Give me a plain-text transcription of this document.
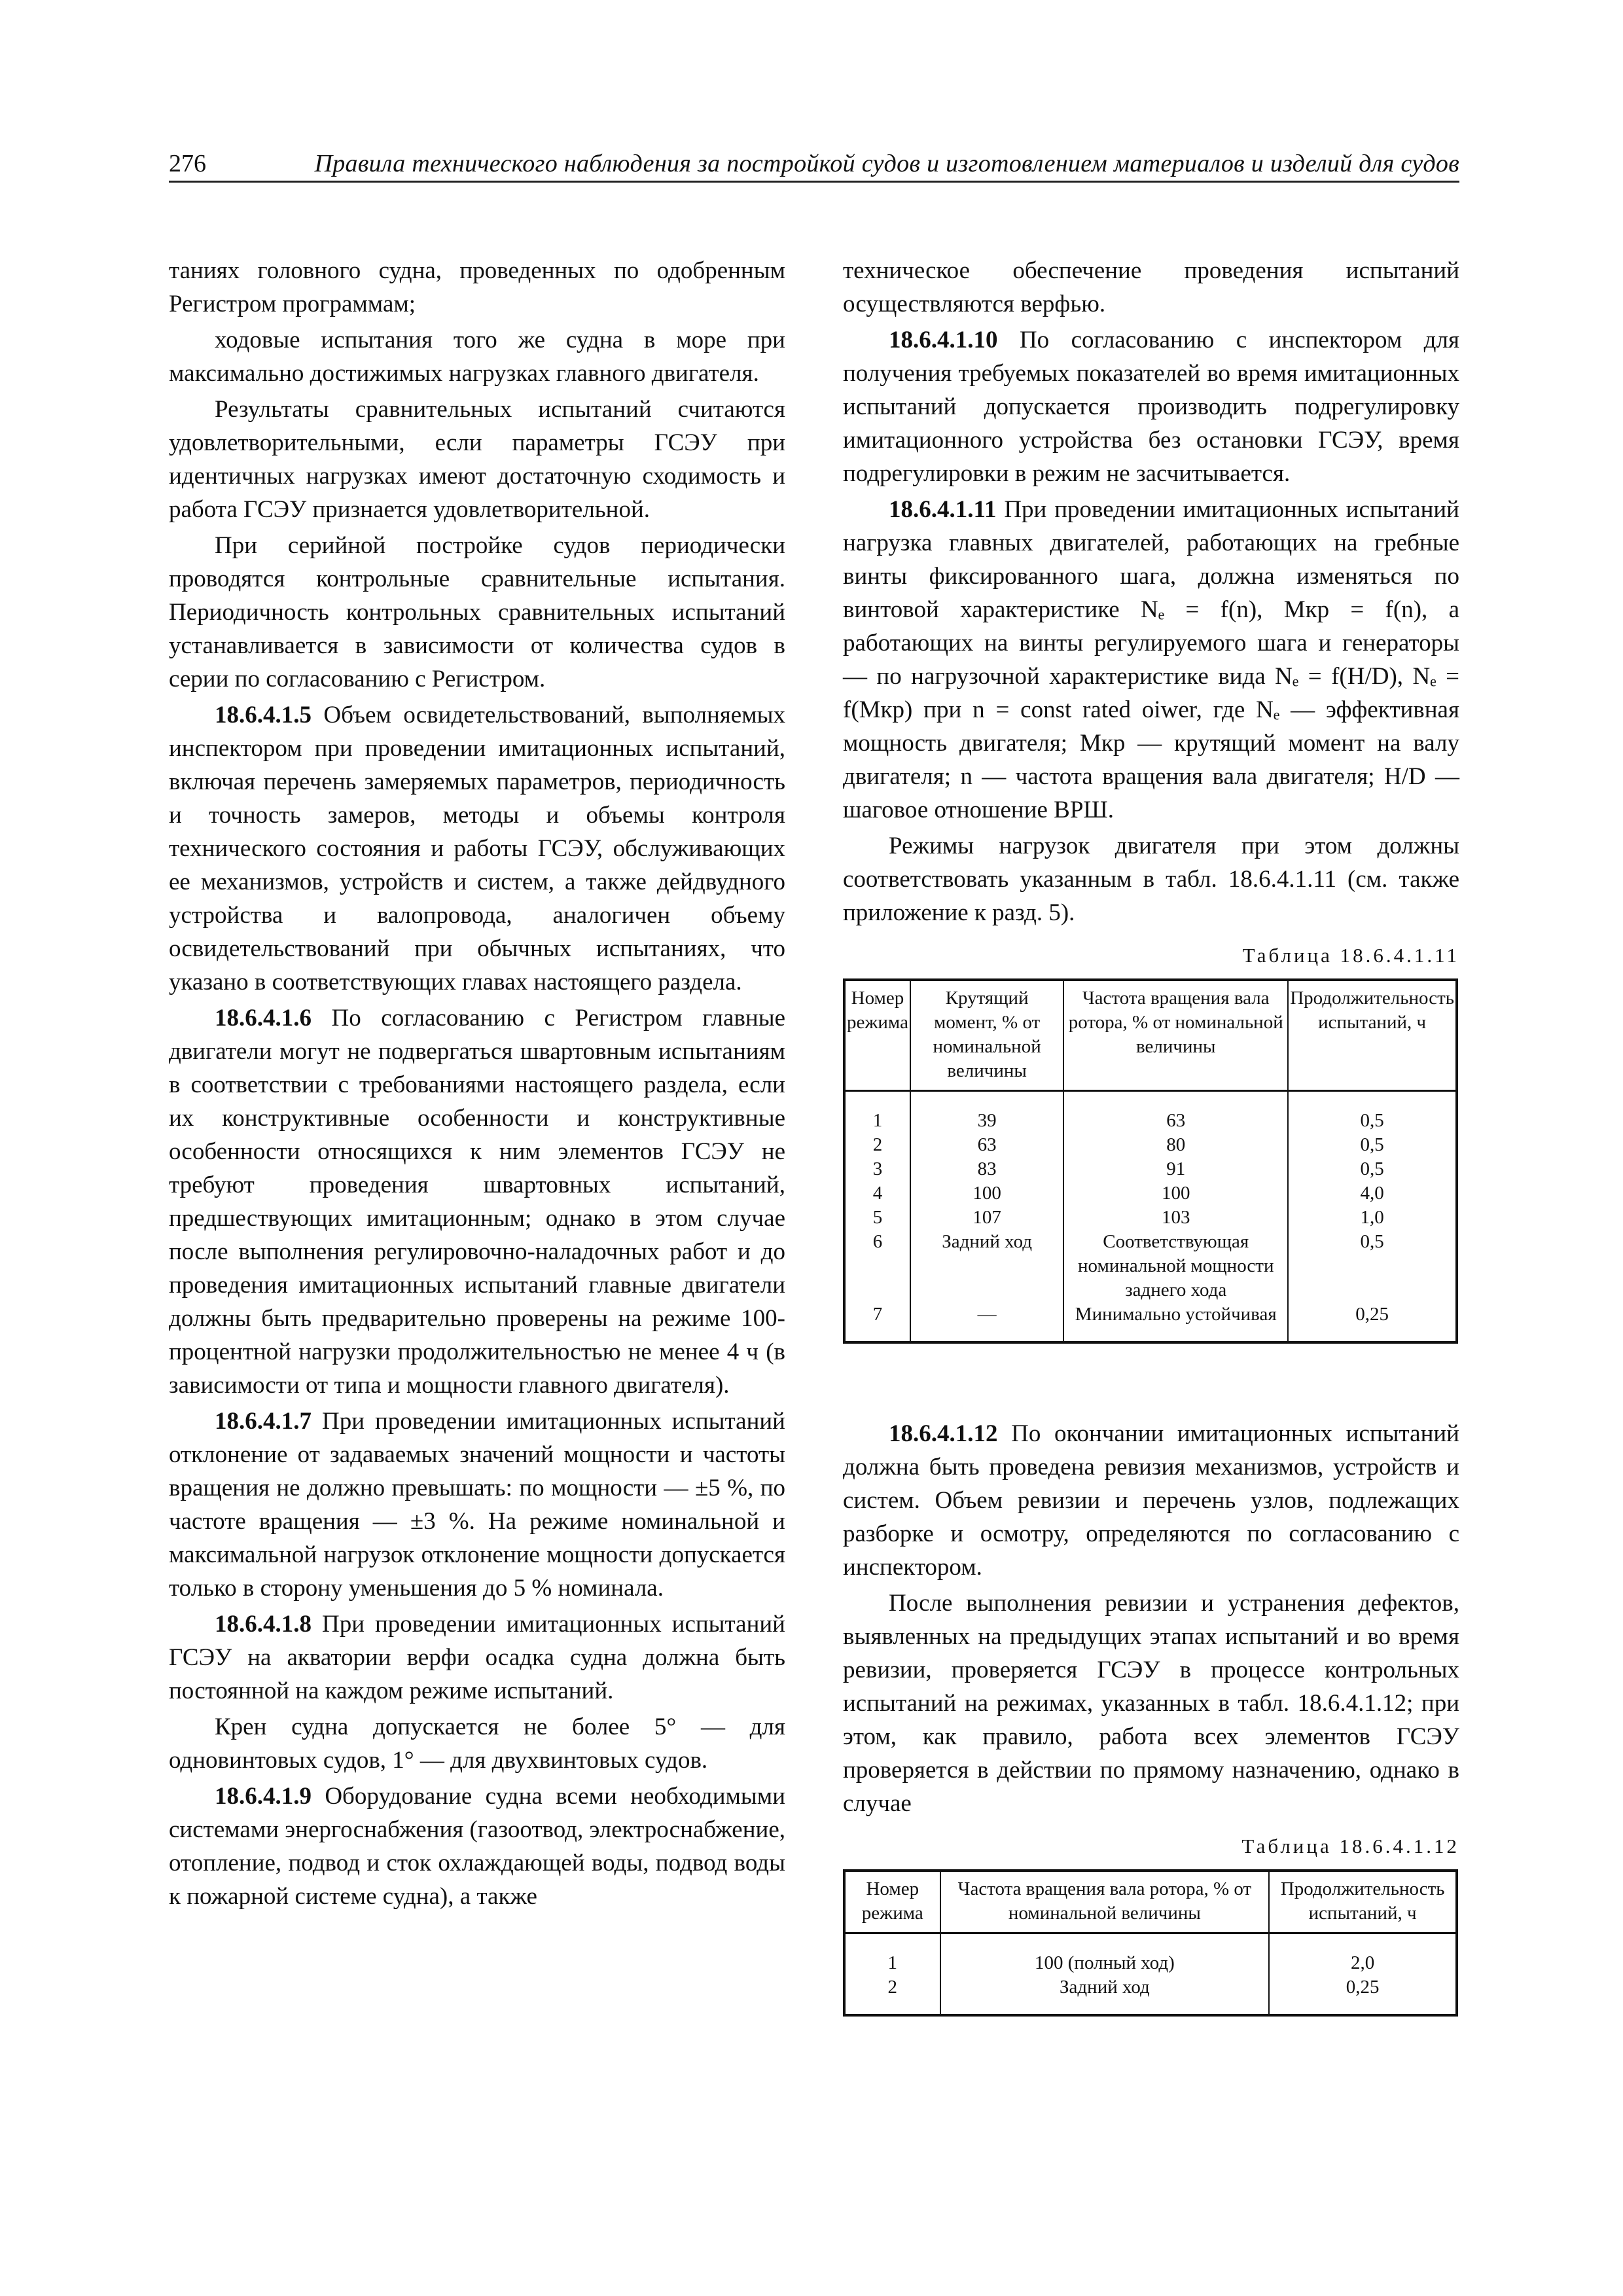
276	Правила технического наблюдения за постройкой судов и изготовлением материалов и изделий для судов

таниях головного судна, проведенных по одобренным Регистром программам;

ходовые испытания того же судна в море при максимально достижимых нагрузках главного двигателя.

Результаты сравнительных испытаний считаются удовлетворительными, если параметры ГСЭУ при идентичных нагрузках имеют достаточную сходимость и работа ГСЭУ признается удовлетворительной.

При серийной постройке судов периодически проводятся контрольные сравнительные испытания. Периодичность контрольных сравнительных испытаний устанавливается в зависимости от количества судов в серии по согласованию с Регистром.

18.6.4.1.5 Объем освидетельствований, выполняемых инспектором при проведении имитационных испытаний, включая перечень замеряемых параметров, периодичность и точность замеров, методы и объемы контроля технического состояния и работы ГСЭУ, обслуживающих ее механизмов, устройств и систем, а также дейдвудного устройства и валопровода, аналогичен объему освидетельствований при обычных испытаниях, что указано в соответствующих главах настоящего раздела.

18.6.4.1.6 По согласованию с Регистром главные двигатели могут не подвергаться швартовным испытаниям в соответствии с требованиями настоящего раздела, если их конструктивные особенности и конструктивные особенности относящихся к ним элементов ГСЭУ не требуют проведения швартовных испытаний, предшествующих имитационным; однако в этом случае после выполнения регулировочно-наладочных работ и до проведения имитационных испытаний главные двигатели должны быть предварительно проверены на режиме 100-процентной нагрузки продолжительностью не менее 4 ч (в зависимости от типа и мощности главного двигателя).

18.6.4.1.7 При проведении имитационных испытаний отклонение от задаваемых значений мощности и частоты вращения не должно превышать: по мощности — ±5 %, по частоте вращения — ±3 %. На режиме номинальной и максимальной нагрузок отклонение мощности допускается только в сторону уменьшения до 5 % номинала.

18.6.4.1.8 При проведении имитационных испытаний ГСЭУ на акватории верфи осадка судна должна быть постоянной на каждом режиме испытаний.

Крен судна допускается не более 5° — для одновинтовых судов, 1° — для двухвинтовых судов.

18.6.4.1.9 Оборудование судна всеми необходимыми системами энергоснабжения (газоотвод, электроснабжение, отопление, подвод и сток охлаждающей воды, подвод воды к пожарной системе судна), а также

техническое обеспечение проведения испытаний осуществляются верфью.

18.6.4.1.10 По согласованию с инспектором для получения требуемых показателей во время имитационных испытаний допускается производить подрегулировку имитационного устройства без остановки ГСЭУ, время подрегулировки в режим не засчитывается.

18.6.4.1.11 При проведении имитационных испытаний нагрузка главных двигателей, работающих на гребные винты фиксированного шага, должна изменяться по винтовой характеристике Nₑ = f(n), Mкр = f(n), а работающих на винты регулируемого шага и генераторы — по нагрузочной характеристике вида Nₑ = f(H/D), Nₑ = f(Mкр) при n = const rated oiwer, где Nₑ — эффективная мощность двигателя; Mкр — крутящий момент на валу двигателя; n — частота вращения вала двигателя; H/D — шаговое отношение ВРШ.

Режимы нагрузок двигателя при этом должны соответствовать указанным в табл. 18.6.4.1.11 (см. также приложение к разд. 5).

Таблица 18.6.4.1.11
Номер режима	Крутящий момент, % от номинальной величины	Частота вращения вала ротора, % от номинальной величины	Продолжительность испытаний, ч
1	39	63	0,5
2	63	80	0,5
3	83	91	0,5
4	100	100	4,0
5	107	103	1,0
6	Задний ход	Соответствующая номинальной мощности заднего хода	0,5
7	—	Минимально устойчивая	0,25

18.6.4.1.12 По окончании имитационных испытаний должна быть проведена ревизия механизмов, устройств и систем. Объем ревизии и перечень узлов, подлежащих разборке и осмотру, определяются по согласованию с инспектором.

После выполнения ревизии и устранения дефектов, выявленных на предыдущих этапах испытаний и во время ревизии, проверяется ГСЭУ в процессе контрольных испытаний на режимах, указанных в табл. 18.6.4.1.12; при этом, как правило, работа всех элементов ГСЭУ проверяется в действии по прямому назначению, однако в случае

Таблица 18.6.4.1.12
Номер режима	Частота вращения вала ротора, % от номинальной величины	Продолжительность испытаний, ч
1	100 (полный ход)	2,0
2	Задний ход	0,25
